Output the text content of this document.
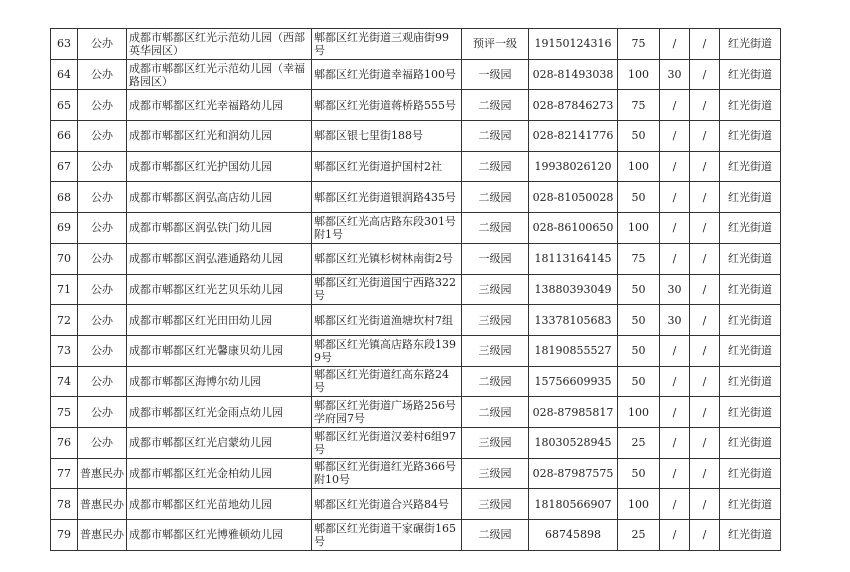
63	公办	成都市郫都区红光示范幼儿园（西部英华园区）	郫都区红光街道三观庙街99号	预评一级	19150124316	75	/	/	红光街道
64	公办	成都市郫都区红光示范幼儿园（幸福路园区）	郫都区红光街道幸福路100号	一级园	028-81493038	100	30	/	红光街道
65	公办	成都市郫都区红光幸福路幼儿园	郫都区红光街道蒋桥路555号	二级园	028-87846273	75	/	/	红光街道
66	公办	成都市郫都区红光和润幼儿园	郫都区银七里街188号	二级园	028-82141776	50	/	/	红光街道
67	公办	成都市郫都区红光护国幼儿园	郫都区红光街道护国村2社	二级园	19938026120	100	/	/	红光街道
68	公办	成都市郫都区润弘高店幼儿园	郫都区红光街道银润路435号	二级园	028-81050028	50	/	/	红光街道
69	公办	成都市郫都区润弘铁门幼儿园	郫都区红光高店路东段301号附1号	二级园	028-86100650	100	/	/	红光街道
70	公办	成都市郫都区润弘港通路幼儿园	郫都区红光镇杉树林南街2号	一级园	18113164145	75	/	/	红光街道
71	公办	成都市郫都区红光艺贝乐幼儿园	郫都区红光街道国宁西路322号	三级园	13880393049	50	30	/	红光街道
72	公办	成都市郫都区红光田田幼儿园	郫都区红光街道渔塘坎村7组	三级园	13378105683	50	30	/	红光街道
73	公办	成都市郫都区红光馨康贝幼儿园	郫都区红光镇高店路东段1399号	三级园	18190855527	50	/	/	红光街道
74	公办	成都市郫都区海博尔幼儿园	郫都区红光街道红高东路24号	二级园	15756609935	50	/	/	红光街道
75	公办	成都市郫都区红光金雨点幼儿园	郫都区红光街道广场路256号学府园7号	二级园	028-87985817	100	/	/	红光街道
76	公办	成都市郫都区红光启蒙幼儿园	郫都区红光街道汉姜村6组97号	三级园	18030528945	25	/	/	红光街道
77	普惠民办	成都市郫都区红光金柏幼儿园	郫都区红光街道红光路366号附10号	三级园	028-87987575	50	/	/	红光街道
78	普惠民办	成都市郫都区红光苗地幼儿园	郫都区红光街道合兴路84号	三级园	18180566907	100	/	/	红光街道
79	普惠民办	成都市郫都区红光博雅顿幼儿园	郫都区红光街道干家碾街165号	二级园	68745898	25	/	/	红光街道
